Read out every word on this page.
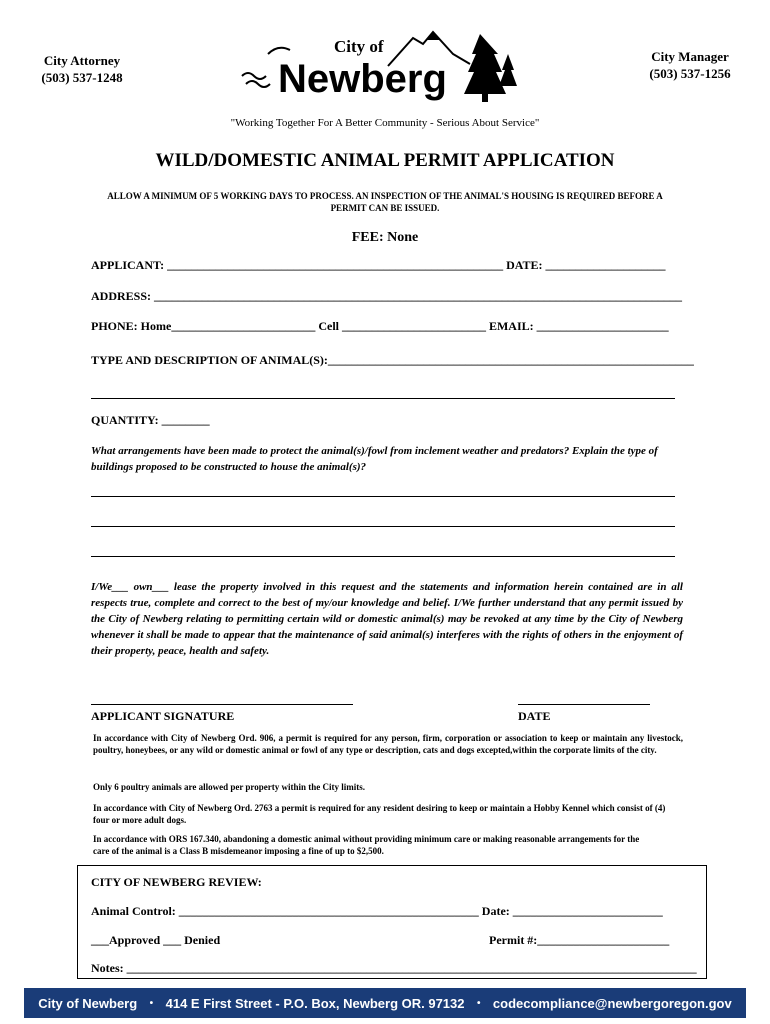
City Attorney
(503) 537-1248
City Manager
(503) 537-1256
City of
Newberg
"Working Together For A Better Community - Serious About Service"
WILD/DOMESTIC ANIMAL PERMIT APPLICATION
ALLOW A MINIMUM OF 5 WORKING DAYS TO PROCESS. AN INSPECTION OF THE ANIMAL'S HOUSING IS REQUIRED BEFORE A PERMIT CAN BE ISSUED.
FEE: None
APPLICANT: ________________________________________________________ DATE: ____________________
ADDRESS: ________________________________________________________________________________________
PHONE: Home________________________ Cell ________________________ EMAIL: ______________________
TYPE AND DESCRIPTION OF ANIMAL(S):_____________________________________________________________
QUANTITY: ________
What arrangements have been made to protect the animal(s)/fowl from inclement weather and predators? Explain the type of buildings proposed to be constructed to house the animal(s)?
I/We___ own___ lease the property involved in this request and the statements and information herein contained are in all respects true, complete and correct to the best of my/our knowledge and belief. I/We further understand that any permit issued by the City of Newberg relating to permitting certain wild or domestic animal(s) may be revoked at any time by the City of Newberg whenever it shall be made to appear that the maintenance of said animal(s) interferes with the rights of others in the enjoyment of their property, peace, health and safety.
APPLICANT SIGNATURE	DATE
In accordance with City of Newberg Ord. 906, a permit is required for any person, firm, corporation or association to keep or maintain any livestock, poultry, honeybees, or any wild or domestic animal or fowl of any type or description, cats and dogs excepted,within the corporate limits of the city.
Only 6 poultry animals are allowed per property within the City limits.
In accordance with City of Newberg Ord. 2763 a permit is required for any resident desiring to keep or maintain a Hobby Kennel which consist of (4) four or more adult dogs.
In accordance with ORS 167.340, abandoning a domestic animal without providing minimum care or making reasonable arrangements for the care of the animal is a Class B misdemeanor imposing a fine of up to $2,500.
CITY OF NEWBERG REVIEW:
Animal Control: __________________________________________________ Date: _________________________
___Approved ___ Denied	Permit #:______________________
Notes: _______________________________________________________________________________________________
City of Newberg • 414 E First Street - P.O. Box, Newberg OR. 97132 • codecompliance@newbergoregon.gov
